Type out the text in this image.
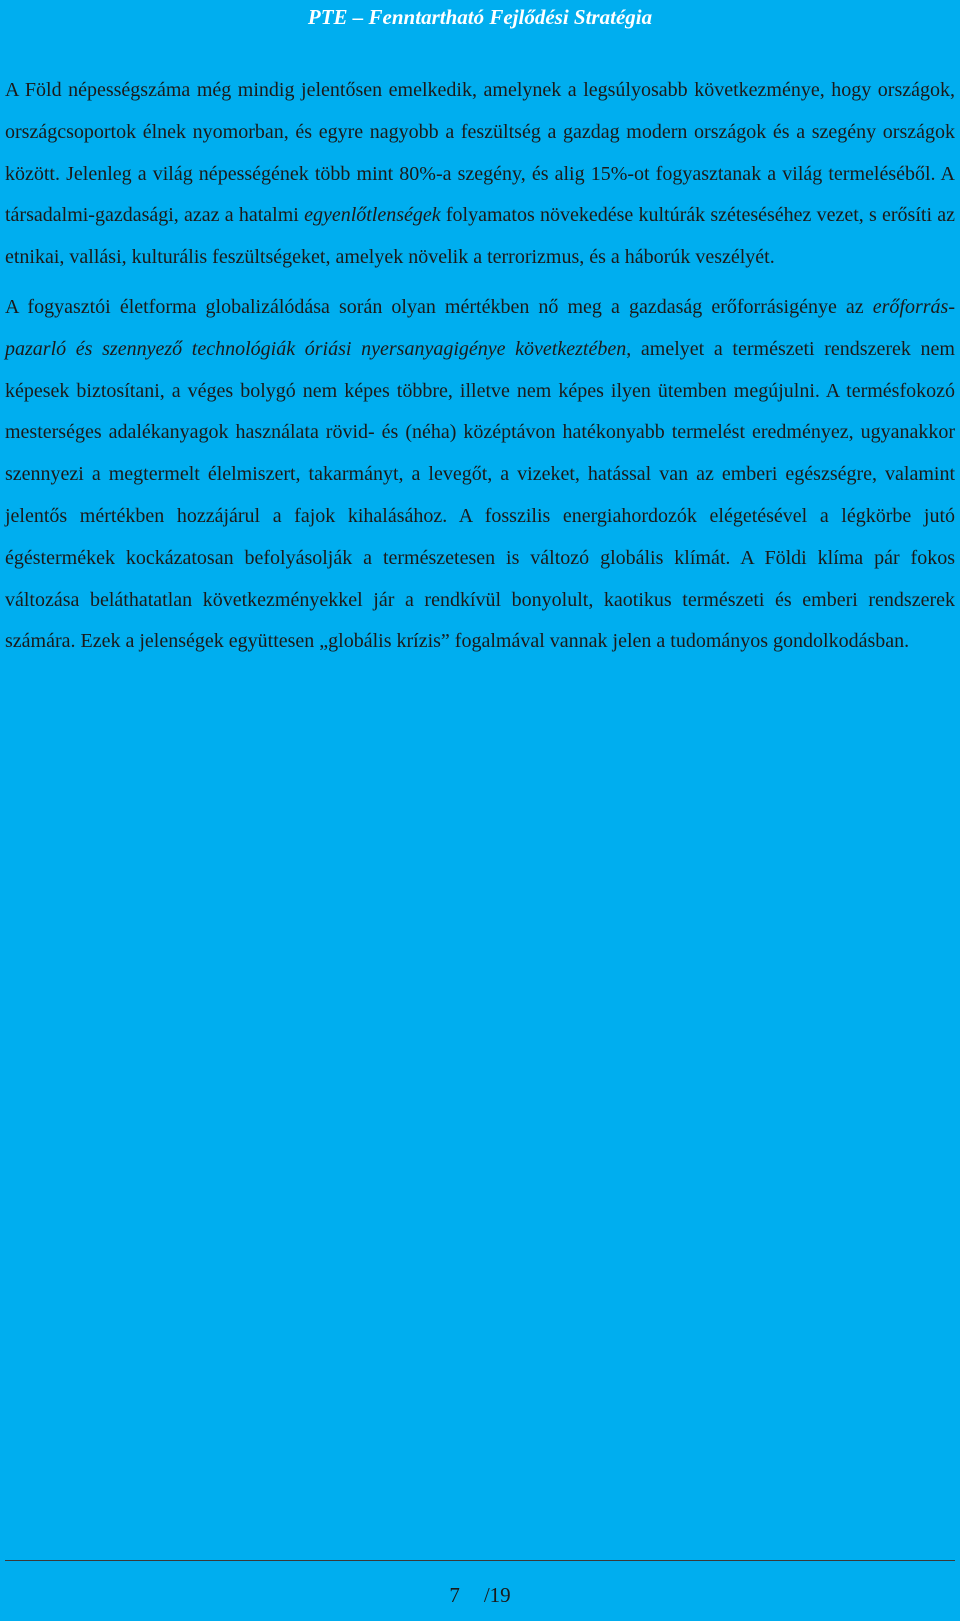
PTE – Fenntartható Fejlődési Stratégia

A Föld népességszáma még mindig jelentősen emelkedik, amelynek a legsúlyosabb következménye, hogy országok, országcsoportok élnek nyomorban, és egyre nagyobb a feszültség a gazdag modern országok és a szegény országok között. Jelenleg a világ népességének több mint 80%-a szegény, és alig 15%-ot fogyasztanak a világ termeléséből. A társadalmi-gazdasági, azaz a hatalmi egyenlőtlenségek folyamatos növekedése kultúrák széteséséhez vezet, s erősíti az etnikai, vallási, kulturális feszültségeket, amelyek növelik a terrorizmus, és a háborúk veszélyét.

A fogyasztói életforma globalizálódása során olyan mértékben nő meg a gazdaság erőforrásigénye az erőforrás-pazarló és szennyező technológiák óriási nyersanyagigénye következtében, amelyet a természeti rendszerek nem képesek biztosítani, a véges bolygó nem képes többre, illetve nem képes ilyen ütemben megújulni. A termésfokozó mesterséges adalékanyagok használata rövid- és (néha) középtávon hatékonyabb termelést eredményez, ugyanakkor szennyezi a megtermelt élelmiszert, takarmányt, a levegőt, a vizeket, hatással van az emberi egészségre, valamint jelentős mértékben hozzájárul a fajok kihalásához. A fosszilis energiahordozók elégetésével a légkörbe jutó égéstermékek kockázatosan befolyásolják a természetesen is változó globális klímát. A Földi klíma pár fokos változása beláthatatlan következményekkel jár a rendkívül bonyolult, kaotikus természeti és emberi rendszerek számára. Ezek a jelenségek együttesen „globális krízis” fogalmával vannak jelen a tudományos gondolkodásban.

7 /19
